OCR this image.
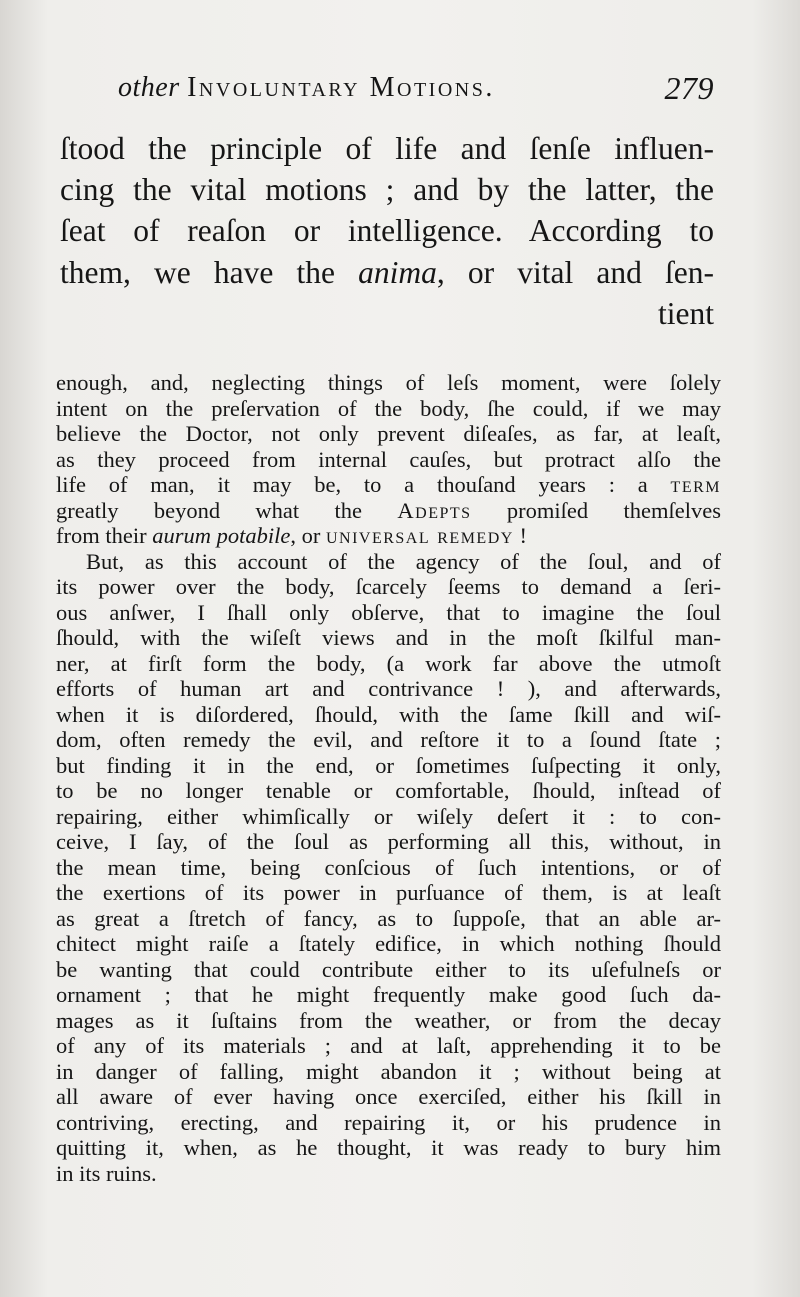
other Involuntary Motions.	279
ſtood the principle of life and ſenſe influen-
cing the vital motions ; and by the latter, the
ſeat of reaſon or intelligence. According to
them, we have the anima, or vital and ſen-
tient
enough, and, neglecting things of leſs moment, were ſolely
intent on the preſervation of the body, ſhe could, if we may
believe the Doctor, not only prevent diſeaſes, as far, at leaſt,
as they proceed from internal cauſes, but protract alſo the
life of man, it may be, to a thouſand years : a term
greatly beyond what the Adepts promiſed themſelves
from their aurum potabile, or universal remedy !
But, as this account of the agency of the ſoul, and of
its power over the body, ſcarcely ſeems to demand a ſeri-
ous anſwer, I ſhall only obſerve, that to imagine the ſoul
ſhould, with the wiſeſt views and in the moſt ſkilful man-
ner, at firſt form the body, (a work far above the utmoſt
efforts of human art and contrivance ! ), and afterwards,
when it is diſordered, ſhould, with the ſame ſkill and wiſ-
dom, often remedy the evil, and reſtore it to a ſound ſtate ;
but finding it in the end, or ſometimes ſuſpecting it only,
to be no longer tenable or comfortable, ſhould, inſtead of
repairing, either whimſically or wiſely deſert it : to con-
ceive, I ſay, of the ſoul as performing all this, without, in
the mean time, being conſcious of ſuch intentions, or of
the exertions of its power in purſuance of them, is at leaſt
as great a ſtretch of fancy, as to ſuppoſe, that an able ar-
chitect might raiſe a ſtately edifice, in which nothing ſhould
be wanting that could contribute either to its uſefulneſs or
ornament ; that he might frequently make good ſuch da-
mages as it ſuſtains from the weather, or from the decay
of any of its materials ; and at laſt, apprehending it to be
in danger of falling, might abandon it ; without being at
all aware of ever having once exerciſed, either his ſkill in
contriving, erecting, and repairing it, or his prudence in
quitting it, when, as he thought, it was ready to bury him
in its ruins.
